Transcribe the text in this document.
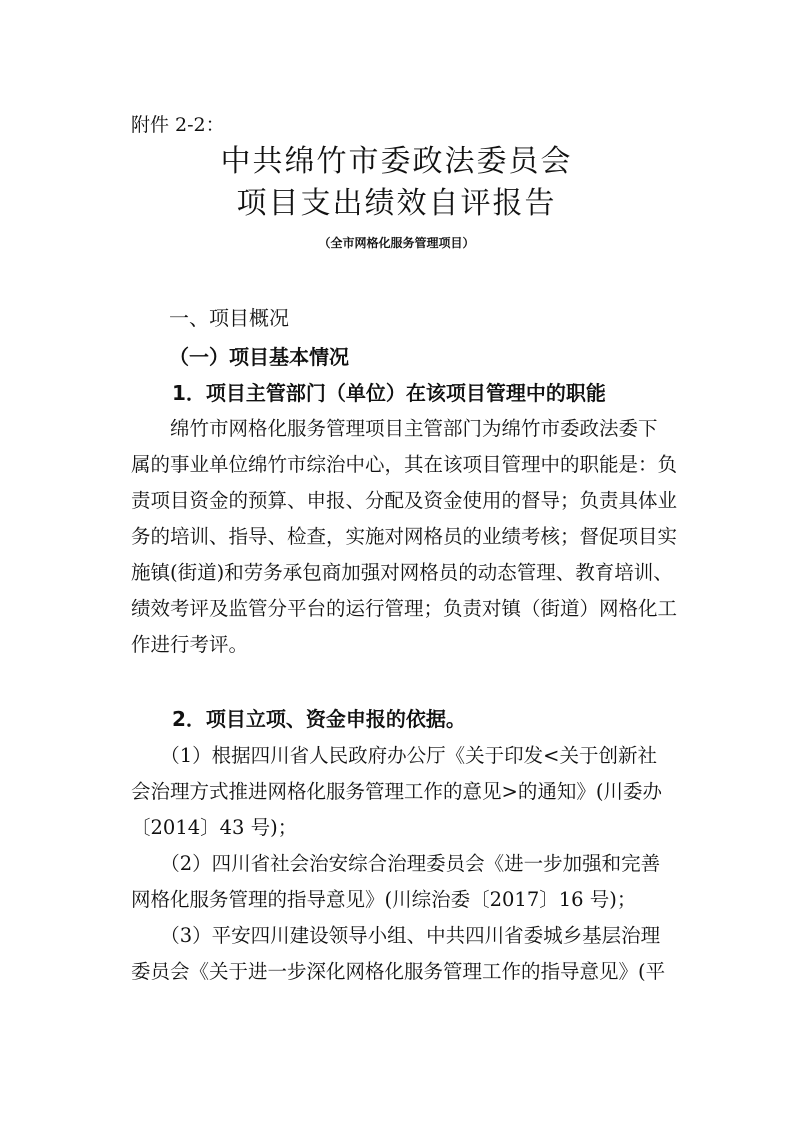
附件 2-2：
中共绵竹市委政法委员会
项目支出绩效自评报告
（全市网格化服务管理项目）
一、项目概况
（一）项目基本情况
1．项目主管部门（单位）在该项目管理中的职能
　　绵竹市网格化服务管理项目主管部门为绵竹市委政法委下
属的事业单位绵竹市综治中心，其在该项目管理中的职能是：负
责项目资金的预算、申报、分配及资金使用的督导；负责具体业
务的培训、指导、检查，实施对网格员的业绩考核；督促项目实
施镇(街道)和劳务承包商加强对网格员的动态管理、教育培训、
绩效考评及监管分平台的运行管理；负责对镇（街道）网格化工
作进行考评。
2．项目立项、资金申报的依据。
　　（1）根据四川省人民政府办公厅《关于印发<关于创新社
会治理方式推进网格化服务管理工作的意见>的通知》(川委办
〔2014〕43 号)；
　　（2）四川省社会治安综合治理委员会《进一步加强和完善
网格化服务管理的指导意见》(川综治委〔2017〕16 号)；
　　（3）平安四川建设领导小组、中共四川省委城乡基层治理
委员会《关于进一步深化网格化服务管理工作的指导意见》(平
